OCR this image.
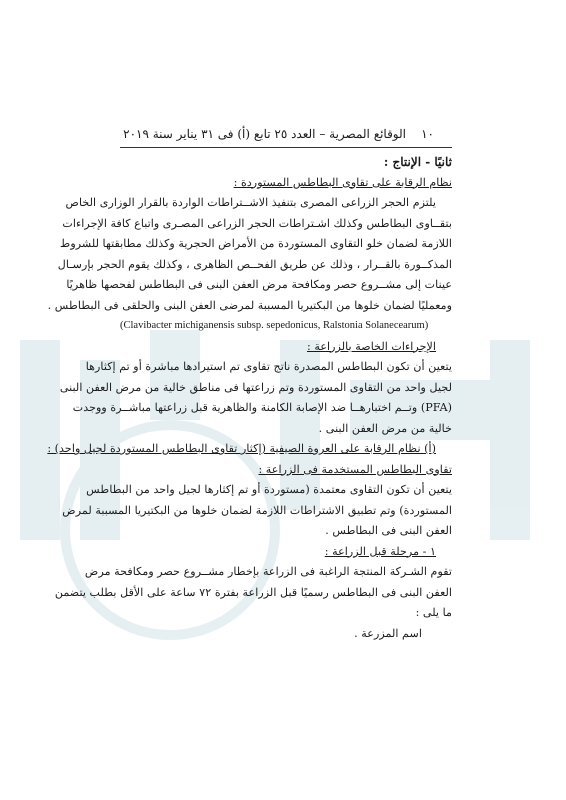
١٠
الوقائع المصرية – العدد ٢٥ تابع (أ) فى ٣١ يناير سنة ٢٠١٩
ثانيًا - الإنتاج :
نظام الرقابة على تقاوى البطاطس المستوردة :
يلتزم الحجر الزراعى المصرى بتنفيذ الاشــتراطات الواردة بالقرار الوزارى الخاص
بتقــاوى البطاطس وكذلك اشـتراطات الحجر الزراعى المصـرى واتباع كافة الإجراءات
اللازمة لضمان خلو التقاوى المستوردة من الأمراض الحجرية وكذلك مطابقتها للشروط
المذكــورة بالقــرار ، وذلك عن طريق الفحــص الظاهرى ، وكذلك يقوم الحجر بإرسـال
عينات إلى مشــروع حصر ومكافحة مرض العفن البنى فى البطاطس لفحصها ظاهريًا
ومعمليًا لضمان خلوها من البكتيريا المسببة لمرضى العفن البنى والحلقى فى البطاطس .
(Clavibacter michiganensis subsp. sepedonicus, Ralstonia Solanecearum)
الإجراءات الخاصة بالزراعة :
يتعين أن تكون البطاطس المصدرة ناتج تقاوى تم استيرادها مباشرة أو تم إكثارها
لجيل واحد من التقاوى المستوردة وتم زراعتها فى مناطق خالية من مرض العفن البنى
(PFA) وتــم اختبارهــا ضد الإصابة الكامنة والظاهرية قبل زراعتها مباشــرة ووجدت
خالية من مرض العفن البنى .
(أ) نظام الرقابة على العروة الصيفية (إكثار تقاوى البطاطس المستوردة لجيل واحد) :
تقاوى البطاطس المستخدمة فى الزراعة :
يتعين أن تكون التقاوى معتمدة (مستوردة أو تم إكثارها لجيل واحد من البطاطس
المستوردة) وتم تطبيق الاشتراطات اللازمة لضمان خلوها من البكتيريا المسببة لمرض
العفن البنى فى البطاطس .
١ - مرحلة قبل الزراعة :
تقوم الشـركة المنتجة الراغبة فى الزراعة بإخطار مشــروع حصر ومكافحة مرض
العفن البنى فى البطاطس رسميًا قبل الزراعة بفترة ٧٢ ساعة على الأقل بطلب يتضمن
ما يلى :
اسم المزرعة .
